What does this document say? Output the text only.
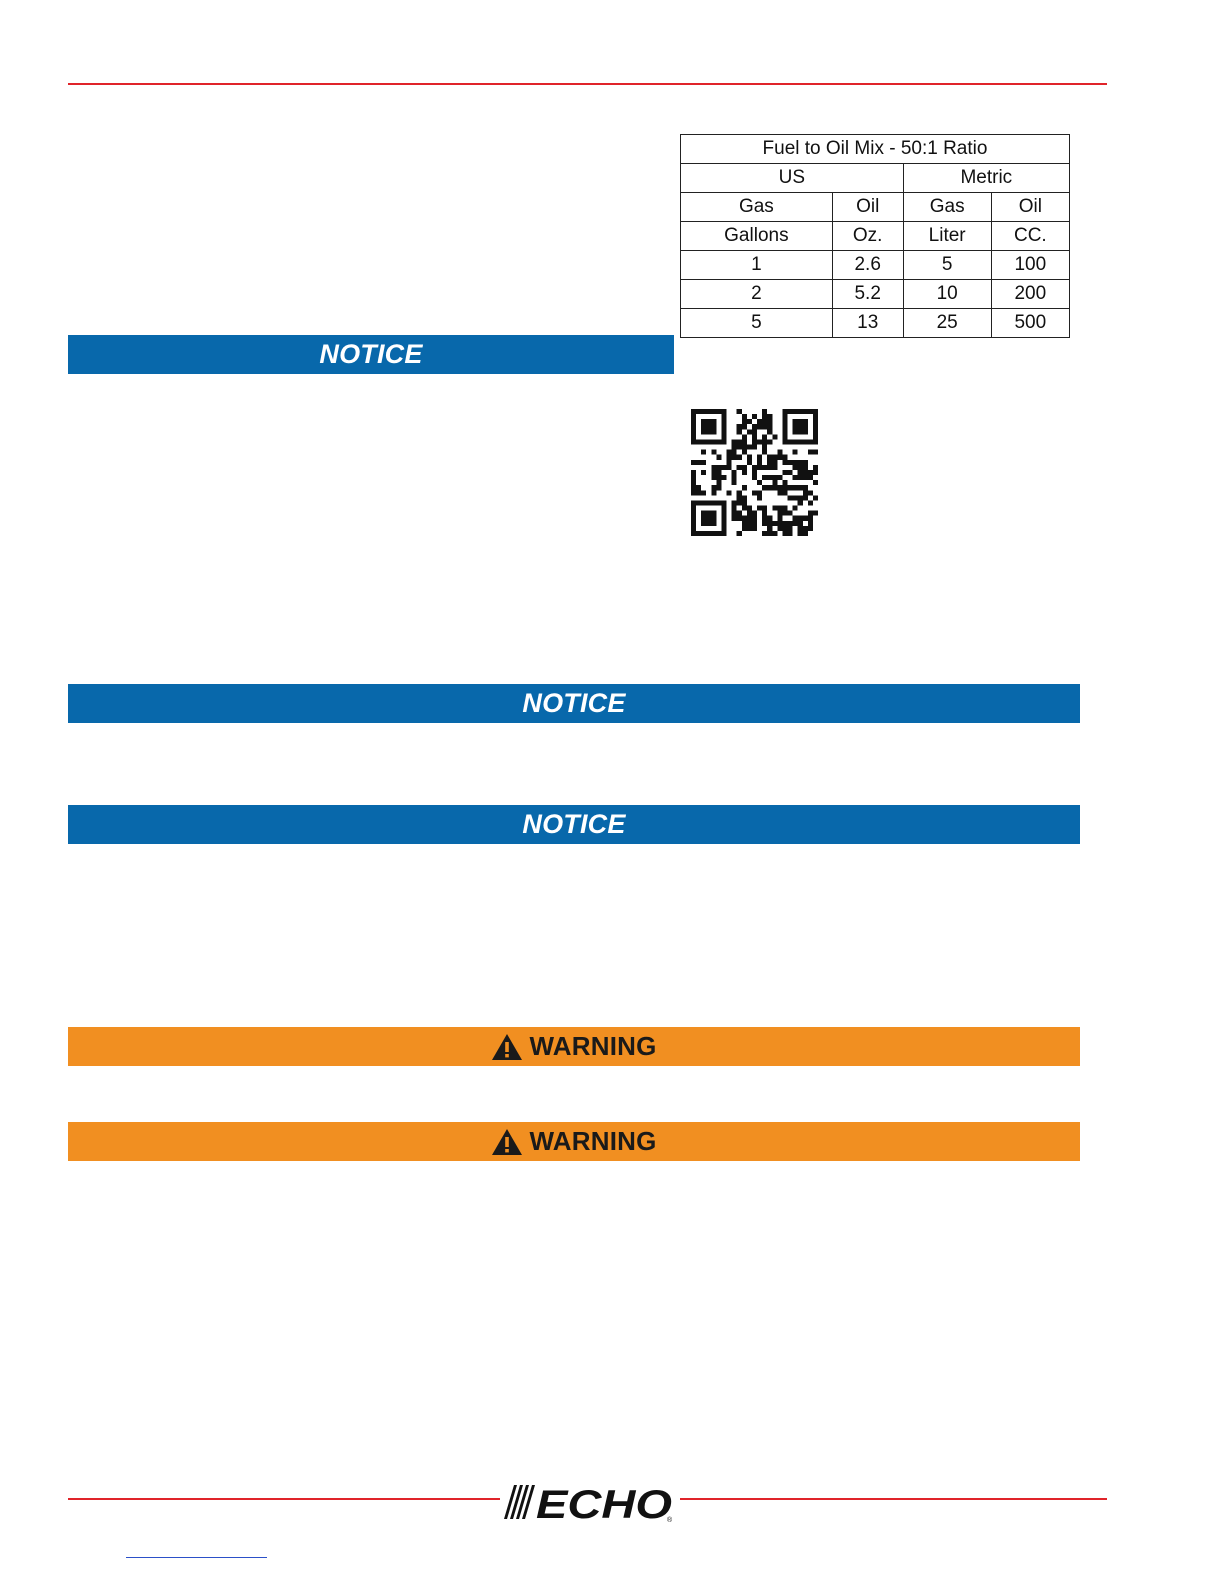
Fuel to Oil Mix - 50:1 Ratio			
US		Metric	
Gas	Oil	Gas	Oil
Gallons	Oz.	Liter	CC.
1	2.6	5	100
2	5.2	10	200
5	13	25	500
NOTICE
NOTICE
NOTICE
WARNING
WARNING
ECHO
®
